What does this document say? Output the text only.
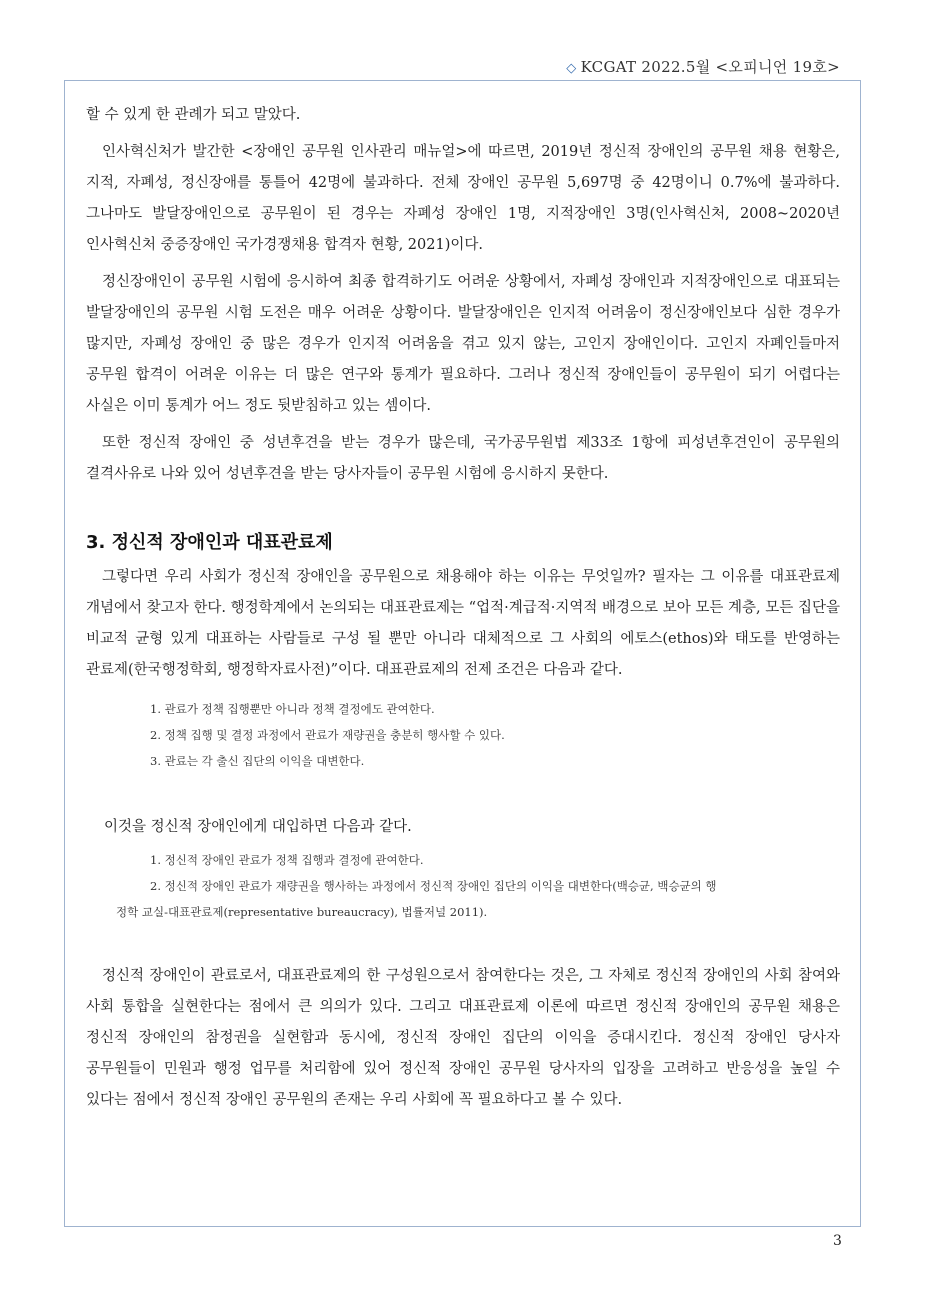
◇ KCGAT 2022.5월 <오피니언 19호>

할 수 있게 한 관례가 되고 말았다.

인사혁신처가 발간한 <장애인 공무원 인사관리 매뉴얼>에 따르면, 2019년 정신적 장애인의 공무원 채용 현황은, 지적, 자폐성, 정신장애를 통틀어 42명에 불과하다. 전체 장애인 공무원 5,697명 중 42명이니 0.7%에 불과하다. 그나마도 발달장애인으로 공무원이 된 경우는 자폐성 장애인 1명, 지적장애인 3명(인사혁신처, 2008~2020년 인사혁신처 중증장애인 국가경쟁채용 합격자 현황, 2021)이다.

정신장애인이 공무원 시험에 응시하여 최종 합격하기도 어려운 상황에서, 자폐성 장애인과 지적장애인으로 대표되는 발달장애인의 공무원 시험 도전은 매우 어려운 상황이다. 발달장애인은 인지적 어려움이 정신장애인보다 심한 경우가 많지만, 자폐성 장애인 중 많은 경우가 인지적 어려움을 겪고 있지 않는, 고인지 장애인이다. 고인지 자폐인들마저 공무원 합격이 어려운 이유는 더 많은 연구와 통계가 필요하다. 그러나 정신적 장애인들이 공무원이 되기 어렵다는 사실은 이미 통계가 어느 정도 뒷받침하고 있는 셈이다.

또한 정신적 장애인 중 성년후견을 받는 경우가 많은데, 국가공무원법 제33조 1항에 피성년후견인이 공무원의 결격사유로 나와 있어 성년후견을 받는 당사자들이 공무원 시험에 응시하지 못한다.

3. 정신적 장애인과 대표관료제

그렇다면 우리 사회가 정신적 장애인을 공무원으로 채용해야 하는 이유는 무엇일까? 필자는 그 이유를 대표관료제 개념에서 찾고자 한다. 행정학계에서 논의되는 대표관료제는 “업적·계급적·지역적 배경으로 보아 모든 계층, 모든 집단을 비교적 균형 있게 대표하는 사람들로 구성 될 뿐만 아니라 대체적으로 그 사회의 에토스(ethos)와 태도를 반영하는 관료제(한국행정학회, 행정학자료사전)”이다. 대표관료제의 전제 조건은 다음과 같다.

1. 관료가 정책 집행뿐만 아니라 정책 결정에도 관여한다.
2. 정책 집행 및 결정 과정에서 관료가 재량권을 충분히 행사할 수 있다.
3. 관료는 각 출신 집단의 이익을 대변한다.
이것을 정신적 장애인에게 대입하면 다음과 같다.
1. 정신적 장애인 관료가 정책 집행과 결정에 관여한다.
2. 정신적 장애인 관료가 재량권을 행사하는 과정에서 정신적 장애인 집단의 이익을 대변한다(백승균, 백승균의 행
정학 교실-대표관료제(representative bureaucracy), 법률저널 2011).

정신적 장애인이 관료로서, 대표관료제의 한 구성원으로서 참여한다는 것은, 그 자체로 정신적 장애인의 사회 참여와 사회 통합을 실현한다는 점에서 큰 의의가 있다. 그리고 대표관료제 이론에 따르면 정신적 장애인의 공무원 채용은 정신적 장애인의 참정권을 실현함과 동시에, 정신적 장애인 집단의 이익을 증대시킨다. 정신적 장애인 당사자 공무원들이 민원과 행정 업무를 처리함에 있어 정신적 장애인 공무원 당사자의 입장을 고려하고 반응성을 높일 수 있다는 점에서 정신적 장애인 공무원의 존재는 우리 사회에 꼭 필요하다고 볼 수 있다.

3
